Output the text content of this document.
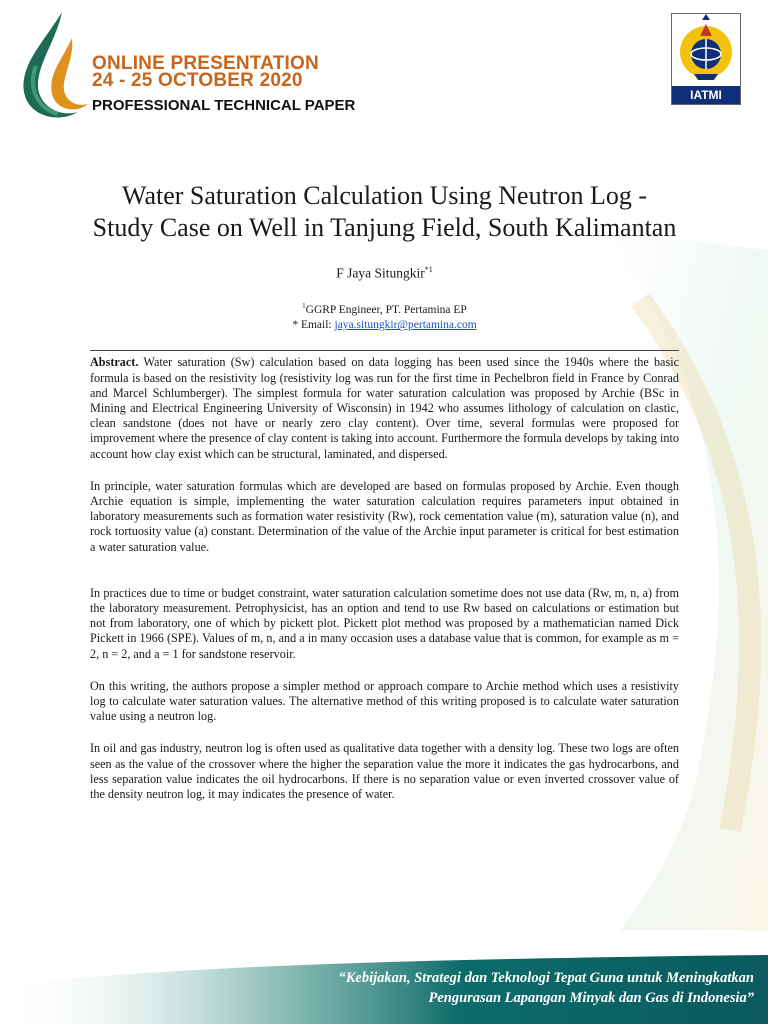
ONLINE PRESENTATION
24 - 25 OCTOBER 2020
PROFESSIONAL TECHNICAL PAPER
IATMI
Water Saturation Calculation Using Neutron Log -
Study Case on Well in Tanjung Field, South Kalimantan
F Jaya Situngkir$^{*1}$
$^1$GGRP Engineer, PT. Pertamina EP
* Email: jaya.situngkir@pertamina.com

Abstract. Water saturation (Sw) calculation based on data logging has been used since the 1940s where the basic formula is based on the resistivity log (resistivity log was run for the first time in Pechelbron field in France by Conrad and Marcel Schlumberger). The simplest formula for water saturation calculation was proposed by Archie (BSc in Mining and Electrical Engineering University of Wisconsin) in 1942 who assumes lithology of calculation on clastic, clean sandstone (does not have or nearly zero clay content). Over time, several formulas were proposed for improvement where the presence of clay content is taking into account. Furthermore the formula develops by taking into account how clay exist which can be structural, laminated, and dispersed.

In principle, water saturation formulas which are developed are based on formulas proposed by Archie. Even though Archie equation is simple, implementing the water saturation calculation requires parameters input obtained in laboratory measurements such as formation water resistivity (Rw), rock cementation value (m), saturation value (n), and rock tortuosity value (a) constant. Determination of the value of the Archie input parameter is critical for best estimation a water saturation value.

In practices due to time or budget constraint, water saturation calculation sometime does not use data (Rw, m, n, a) from the laboratory measurement. Petrophysicist, has an option and tend to use Rw based on calculations or estimation but not from laboratory, one of which by pickett plot. Pickett plot method was proposed by a mathematician named Dick Pickett in 1966 (SPE). Values of m, n, and a in many occasion uses a database value that is common, for example as m = 2, n = 2, and a = 1 for sandstone reservoir.

On this writing, the authors propose a simpler method or approach compare to Archie method which uses a resistivity log to calculate water saturation values. The alternative method of this writing proposed is to calculate water saturation value using a neutron log.

In oil and gas industry, neutron log is often used as qualitative data together with a density log. These two logs are often seen as the value of the crossover where the higher the separation value the more it indicates the gas hydrocarbons, and less separation value indicates the oil hydrocarbons. If there is no separation value or even inverted crossover value of the density neutron log, it may indicates the presence of water.

“Kebijakan, Strategi dan Teknologi Tepat Guna untuk Meningkatkan
Pengurasan Lapangan Minyak dan Gas di Indonesia”
